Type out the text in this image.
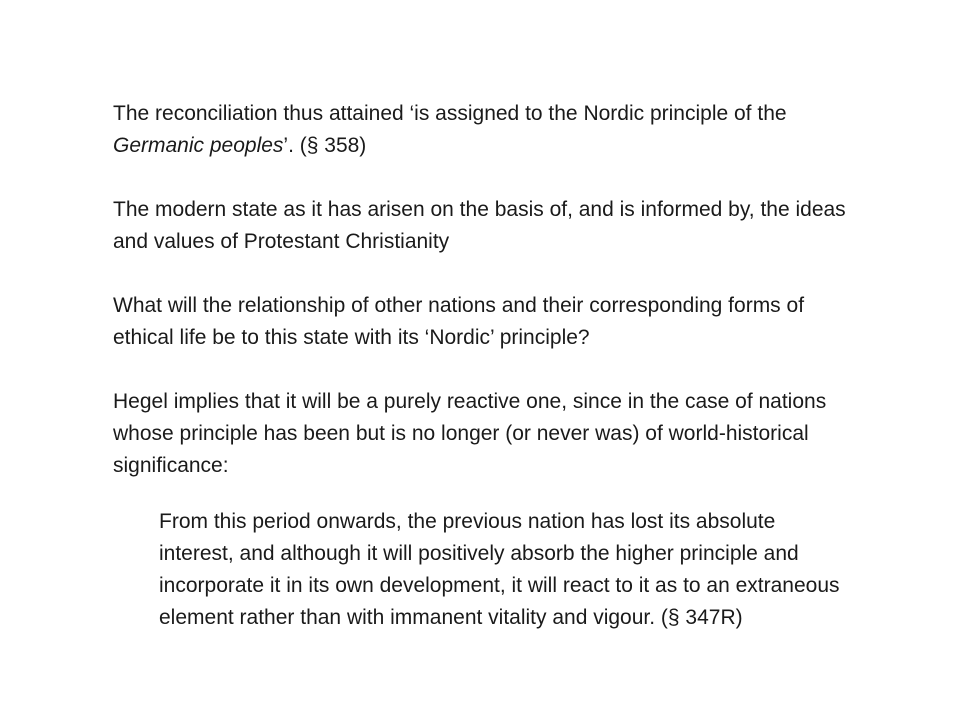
The reconciliation thus attained ‘is assigned to the Nordic principle of the Germanic peoples’. (§ 358)

The modern state as it has arisen on the basis of, and is informed by, the ideas and values of Protestant Christianity

What will the relationship of other nations and their corresponding forms of ethical life be to this state with its ‘Nordic’ principle?

Hegel implies that it will be a purely reactive one, since in the case of nations whose principle has been but is no longer (or never was) of world-historical significance:

From this period onwards, the previous nation has lost its absolute interest, and although it will positively absorb the higher principle and incorporate it in its own development, it will react to it as to an extraneous element rather than with immanent vitality and vigour. (§ 347R)
